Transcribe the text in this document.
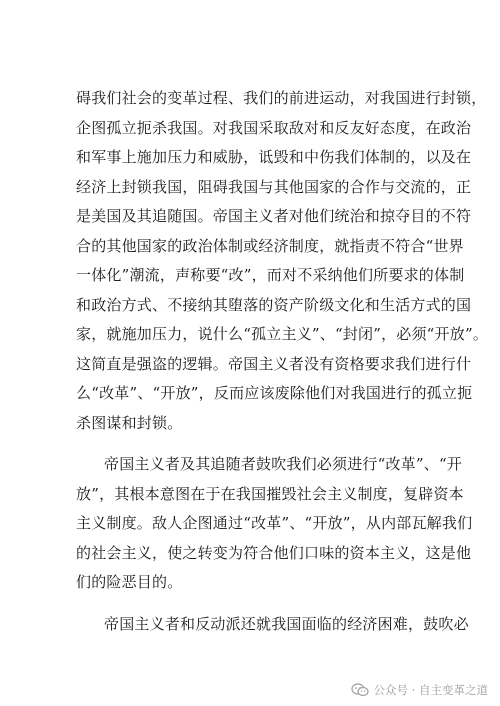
碍我们社会的变革过程、我们的前进运动，对我国进行封锁，
企图孤立扼杀我国。对我国采取敌对和反友好态度，在政治
和军事上施加压力和威胁，诋毁和中伤我们体制的，以及在
经济上封锁我国，阻碍我国与其他国家的合作与交流的，正
是美国及其追随国。帝国主义者对他们统治和掠夺目的不符
合的其他国家的政治体制或经济制度，就指责不符合“世界
一体化”潮流，声称要“改”，而对不采纳他们所要求的体制
和政治方式、不接纳其堕落的资产阶级文化和生活方式的国
家，就施加压力，说什么“孤立主义”、“封闭”，必须“开放”。
这简直是强盗的逻辑。帝国主义者没有资格要求我们进行什
么“改革”、“开放”，反而应该废除他们对我国进行的孤立扼
杀图谋和封锁。
帝国主义者及其追随者鼓吹我们必须进行“改革”、“开
放”，其根本意图在于在我国摧毁社会主义制度，复辟资本
主义制度。敌人企图通过“改革”、“开放”，从内部瓦解我们
的社会主义，使之转变为符合他们口味的资本主义，这是他
们的险恶目的。
帝国主义者和反动派还就我国面临的经济困难，鼓吹必
公众号 · 自主变革之道
